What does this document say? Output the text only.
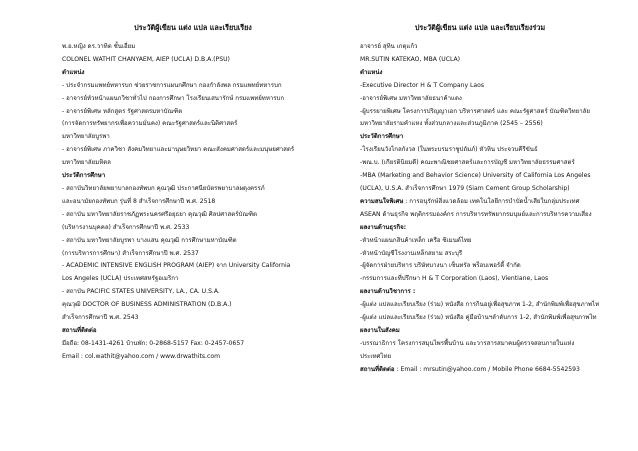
ประวัติผู้เขียน แต่ง แปล และเรียบเรียง
พ.อ.หญิง ดร.วาทิต ชั้นเอี่ยม
COLONEL WATHIT CHANYAEM, AIEP (UCLA) D.B.A.(PSU)
ตำแหน่ง
- ประจำกรมแพทย์ทหารบก ช่วยราชการแผนกศึกษา กองกำลังพล กรมแพทย์ทหารบก
- อาจารย์หัวหน้าแผนกวิชาทั่วไป กองการศึกษา โรงเรียนเสนารักษ์ กรมแพทย์ทหารบก
- อาจารย์พิเศษ หลักสูตร รัฐศาสตรมหาบัณฑิต
(การจัดการทรัพยากรเพื่อความมั่นคง) คณะรัฐศาสตร์และนิติศาสตร์
มหาวิทยาลัยบูรพา
- อาจารย์พิเศษ ภาควิชา สังคมวิทยาและมานุษยวิทยา คณะสังคมศาสตร์และมนุษยศาสตร์
มหาวิทยาลัยมหิดล
ประวัติการศึกษา
- สถาบันวิทยาลัยพยาบาลกองทัพบก คุณวุฒิ ประกาศนียบัตรพยาบาลผดุงครรภ์
และอนามัยกองทัพบก รุ่นที่ 8 สำเร็จการศึกษาปี พ.ศ. 2518
- สถาบัน มหาวิทยาลัยราชภัฏพระนครศรีอยุธยา คุณวุฒิ ศิลปศาสตร์บัณฑิต
(บริหารงานบุคคล) สำเร็จการศึกษาปี พ.ศ. 2533
- สถาบัน มหาวิทยาลัยบูรพา บางแสน คุณวุฒิ การศึกษามหาบัณฑิต
(การบริหารการศึกษา) สำเร็จการศึกษาปี พ.ศ. 2537
- ACADEMIC INTENSIVE ENGLISH PROGRAM (AIEP) จาก University California
Los Angeles (UCLA) ประเทศสหรัฐอเมริกา
- สถาบัน PACIFIC STATES UNIVERSITY, LA., CA. U.S.A.
คุณวุฒิ DOCTOR OF BUSINESS ADMINISTRATION (D.B.A.)
สำเร็จการศึกษาปี พ.ศ. 2543
สถานที่ติดต่อ
มือถือ: 08-1431-4261 บ้านพัก: 0-2868-5157 Fax: 0-2457-0657
Email : col.wathit@yahoo.com / www.drwathits.com
ประวัติผู้เขียน แต่ง แปล และเรียบเรียงร่วม
อาจารย์ สุทิน เกตุแก้ว
MR.SUTIN KATEKAO, MBA (UCLA)
ตำแหน่ง
-Executive Director H & T Company Laos
-อาจารย์พิเศษ มหาวิทยาลัยธนาค้าแดง
-ผู้บรรยายพิเศษ โครงการปริญญาเอก บริหารศาสตร์ และ คณะรัฐศาสตร์ บัณฑิตวิทยาลัย มหาวิทยาลัยรามคำแหง ทั้งส่วนกลางและส่วนภูมิภาค (2545 – 2556)
ประวัติการศึกษา
-โรงเรียนวังไกลกังวล (ในพระบรมราชูปถัมภ์) หัวหิน ประจวบคีรีขันธ์
-พณ.บ. (เกียรตินิยมดี) คณะพาณิชยศาสตร์และการบัญชี มหาวิทยาลัยธรรมศาสตร์
-MBA (Marketing and Behavior Science) University of California Los Angeles
(UCLA), U.S.A. สำเร็จการศึกษา 1979 (Siam Cement Group Scholarship)
ความสนใจพิเศษ : การอนุรักษ์สิ่งแวดล้อม เทคโนโลยีการบำบัดน้ำเสียในกลุ่มประเทศ ASEAN ด้านธุรกิจ พฤติกรรมองค์กร การบริหารทรัพยากรมนุษย์และการบริหารความเสี่ยง
ผลงานด้านธุรกิจ:
-หัวหน้าแผนกสินค้าเหล็ก เครือ ซิเมนต์ไทย
-หัวหน้าบัญชีโรงงานเหล็กสยาม สระบุรี
-ผู้จัดการฝ่ายบริหาร บริษัทบางนา เซ็นทรัล พร็อบเพอร์ตี้ จำกัด
-กรรมการและที่ปรึกษา H & T Corporation (Laos), Vientiane, Laos
ผลงานด้านวิชาการ :
-ผู้แต่ง แปลและเรียบเรียง (ร่วม) หนังสือ การกินอยู่เพื่อสุขภาพ 1-2, สำนักพิมพ์เพื่อสุขภาพไท
-ผู้แต่ง แปลและเรียบเรียง (ร่วม) หนังสือ คู่มือบ้านฯลำดับการ 1-2, สำนักพิมพ์เพื่อสุขภาพไท
ผลงานในสังคม
-บรรณาธิการ โครงการสมุนไพรพื้นบ้าน และวารสารสมาคมผู้ตรวจสอบภายในแห่งประเทศไทย
สถานที่ติดต่อ : Email : mrsutin@yahoo.com / Mobile Phone 6684-5542593
